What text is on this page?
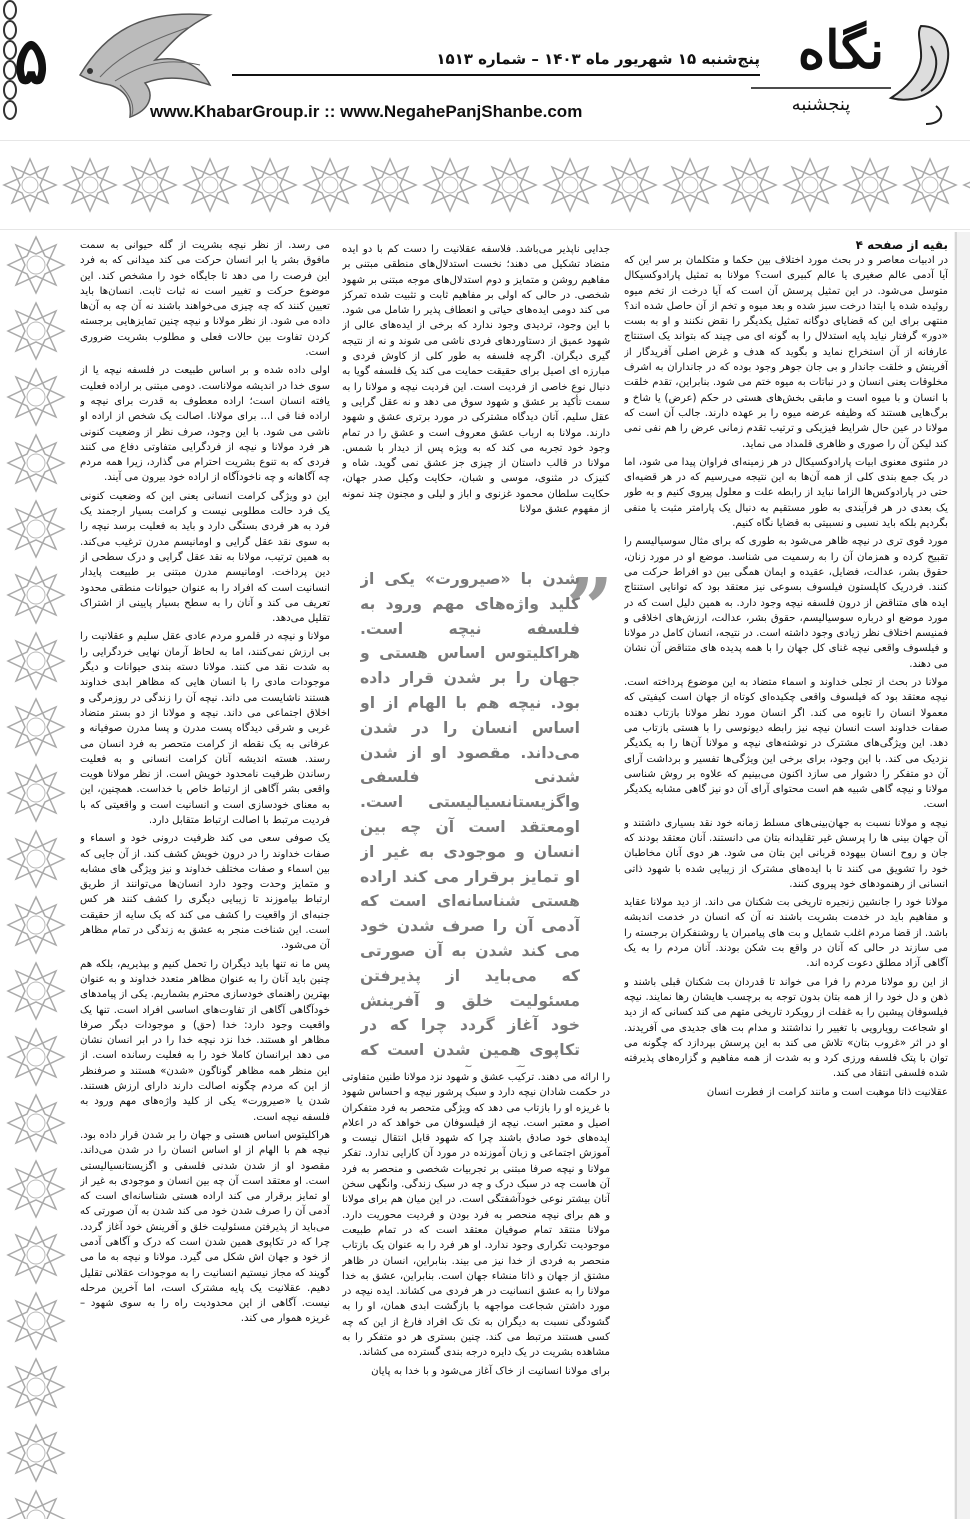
۵	پنج‌شنبه ۱۵ شهریور ماه ۱۴۰۳ – شماره ۱۵۱۳
www.KhabarGroup.ir :: www.NegahePanjShanbe.com
نگاه
پنجشنبه
بقیه از صفحه ۴

در ادبیات معاصر و در بحث مورد اختلاف بین حکما و متکلمان بر سر این که آیا آدمی عالم صغیری یا عالم کبیری است؟ مولانا به تمثیل پارادوکسیکال متوسل می‌شود. در این تمثیل پرسش آن است که آیا درخت از تخم میوه روئیده شده یا ابتدا درخت سبز شده و بعد میوه و تخم از آن حاصل شده اند؟ منتهی برای این که قضایای دوگانه تمثیل یکدیگر را نقض نکنند و او به بست «دور» گرفتار نیاید پایه استدلال را به گونه ای می چیند که بتواند یک استنتاج عارفانه از آن استخراج نماید و بگوید که هدف و غرض اصلی آفریدگار از آفرینش و خلقت جاندار و بی جان جوهر وجود بوده که در جانداران به اشرف مخلوقات یعنی انسان و در نباتات به میوه ختم می شود. بنابراین، تقدم خلقت با انسان و با میوه است و مابقی بخش‌های هستی در حکم (عرض) یا شاخ و برگ‌هایی هستند که وظیفه عرضه میوه را بر عهده دارند. جالب آن است که مولانا در عین حال شرایط فیزیکی و ترتیب تقدم زمانی عرض را هم نفی نمی کند لیکن آن را صوری و ظاهری قلمداد می نماید.

در مثنوی معنوی ابیات پارادوکسیکال در هر زمینه‌ای فراوان پیدا می شود، اما در یک جمع بندی کلی از همه آن‌ها به این نتیجه می‌رسیم که در هر قضیه‌ای حتی در پارادوکس‌ها الزاما نباید از رابطه علت و معلول پیروی کنیم و به طور یک بعدی در هر فرآیندی به طور مستقیم به دنبال یک پارامتر مثبت یا منفی بگردیم بلکه باید نسبی و نسبیتی به قضایا نگاه کنیم.

مورد قوی تری در نیچه ظاهر می‌شود به طوری که برای مثال سوسیالیسم را تقبیح کرده و همزمان آن را به رسمیت می شناسد. موضع او در مورد زنان، حقوق بشر، عدالت، فضایل، عقیده و ایمان همگی بین دو افراط حرکت می کنند. فردریک کاپلستون فیلسوف بسوعی نیز معتقد بود که توانایی استنتاج ایده های متناقض از درون فلسفه نیچه وجود دارد. به همین دلیل است که در مورد موضع او درباره سوسیالیسم، حقوق بشر، عدالت، ارزش‌های اخلاقی و فمنیسم اختلاف نظر زیادی وجود داشته است. در نتیجه، انسان کامل در مولانا و فیلسوف واقعی نیچه غنای کل جهان را با همه پدیده های متناقض آن نشان می دهند.

مولانا در بحث از تجلی خداوند و اسماء متضاد به این موضوع پرداخته است. نیچه معتقد بود که فیلسوف واقعی چکیده‌ای کوتاه از جهان است کیفیتی که معمولا انسان را تابوه می کند. اگر انسان مورد نظر مولانا بازتاب دهنده صفات خداوند است انسان نیچه نیز رابطه دیونوسی را با هستی بازتاب می دهد. این ویژگی‌های مشترک در نوشته‌های نیچه و مولانا آن‌ها را به یکدیگر نزدیک می کند. با این وجود، برای برخی این ویژگی‌ها تفسیر و برداشت آرای آن دو متفکر را دشوار می سازد اکنون می‌بینیم که علاوه بر روش شناسی مولانا و نیچه گاهی شبیه هم است محتوای آرای آن دو نیز گاهی مشابه یکدیگر است.

نیچه و مولانا نسبت به جهان‌بینی‌های مسلط زمانه خود نقد بسیاری داشتند و آن جهان بینی ها را پرسش غیر تقلیدانه بتان می دانستند. آنان معتقد بودند که جان و روح انسان بیهوده قربانی این بتان می شود. هر دوی آنان مخاطبان خود را تشویق می کنند تا با ایده‌های مشترک از زیبایی شده با شهود ذاتی انسانی از رهنمودهای خود پیروی کنند.

مولانا خود را جانشین زنجیره تاریخی بت شکنان می داند. از دید مولانا عقاید و مفاهیم باید در خدمت بشریت باشند نه آن که انسان در خدمت اندیشه باشد. از قضا مردم اغلب شمایل و بت های پیامبران یا روشنفکران برجسته را می سازند در حالی که آنان در واقع بت شکن بودند. آنان مردم را به یک آگاهی آزاد مطلق دعوت کرده اند.

از این رو مولانا مردم را فرا می خواند تا قدردان بت شکنان قبلی باشند و ذهن و دل خود را از همه بتان بدون توجه به برچسب هایشان رها نمایند. نیچه فیلسوفان پیشین را به غفلت از رویکرد تاریخی متهم می کند کسانی که از دید او شجاعت رویارویی با تغییر را نداشتند و مدام بت های جدیدی می آفریدند. او در اثر «غروب بتان» تلاش می کند به این پرسش بپردازد که چگونه می توان با پتک فلسفه ورزی کرد و به شدت از همه مفاهیم و گزاره‌های پذیرفته شده فلسفی انتقاد می کند.

عقلانیت ذاتا موهبت است و مانند کرامت از فطرت انسان

جدایی ناپذیر می‌باشد. فلاسفه عقلانیت را دست کم با دو ایده متضاد تشکیل می دهند؛ نخست استدلال‌های منطقی مبتنی بر مفاهیم روشن و متمایز و دوم استدلال‌های موجه مبتنی بر شهود شخصی. در حالی که اولی بر مفاهیم ثابت و تثبیت شده تمرکز می کند دومی ایده‌های حیاتی و انعطاف پذیر را شامل می شود. با این وجود، تردیدی وجود ندارد که برخی از ایده‌های عالی از شهود عمیق از دستاوردهای فردی ناشی می شوند و نه از نتیجه گیری دیگران. اگرچه فلسفه به طور کلی از کاوش فردی و مبارزه ای اصیل برای حقیقت حمایت می کند یک فلسفه گویا به دنبال نوع خاصی از فردیت است. این فردیت نیچه و مولانا را به سمت تأکید بر عشق و شهود سوق می دهد و نه عقل گرایی و عقل سلیم. آنان دیدگاه مشترکی در مورد برتری عشق و شهود دارند. مولانا به ارباب عشق معروف است و عشق را در تمام وجود خود تجربه می کند که به ویژه پس از دیدار با شمس. مولانا در قالب داستان از چیزی جز عشق نمی گوید. شاه و کنیزک در مثنوی، موسی و شبان، حکایت وکیل صدر جهان، حکایت سلطان محمود غزنوی و اباز و لیلی و مجنون چند نمونه از مفهوم عشق مولانا

”
شدن با «صیرورت» یکی از کلید واژه‌های مهم ورود به فلسفه نیچه است. هراکلیتوس اساس هستی و جهان را بر شدن قرار داده بود. نیچه هم با الهام از او اساس انسان را در شدن می‌داند. مقصود او از شدن شدنی فلسفی واگزیستانسیالیستی است. اومعتقد است آن چه بین انسان و موجودی به غیر از او تمایز برقرار می کند اراده هستی شناسانه‌ای است که آدمی آن را صرف شدن خود می کند شدن به آن صورتی که می‌باید از پذیرفتن مسئولیت خلق و آفرینش خود آغاز گردد چرا که در تکاپوی همین شدن است که

را ارائه می دهند. ترکیب عشق و شهود نزد مولانا طنین متفاوتی در حکمت شادان نیچه دارد و سبک پرشور نیچه و احساس شهود با غریزه او را بازتاب می دهد که ویژگی متحصر به فرد متفکران اصیل و معتبر است. نیچه از فیلسوفان می خواهد که در اعلام ایده‌های خود صادق باشند چرا که شهود قابل انتقال نیست و آموزش اجتماعی و زبان آموزنده در مورد آن کارایی ندارد. تفکر مولانا و نیچه صرفا مبتنی بر تجربیات شخصی و منحصر به فرد آن هاست چه در سبک درک و چه در سبک زندگی. وانگهی سخن آنان بیشتر نوعی خودآشفتگی است. در این میان هم برای مولانا و هم برای نیچه منحصر به فرد بودن و فردیت محوریت دارد. مولانا منتقد تمام صوفیان معتقد است که در تمام طبیعت موجودیت تکراری وجود ندارد. او هر فرد را به عنوان یک بازتاب منحصر به فردی از خدا نیز می بیند. بنابراین، انسان در ظاهر مشتق از جهان و ذاتا منشاء جهان است. بنابراین، عشق به خدا مولانا را به عشق انسانیت در هر فردی می کشاند. ایده نیچه در مورد داشتن شجاعت مواجهه با بازگشت ابدی همان، او را به گشودگی نسبت به دیگران به تک تک افراد فارغ از این که چه کسی هستند مرتبط می کند. چنین بستری هر دو متفکر را به مشاهده بشریت در یک دایره درجه بندی گسترده می کشاند.

برای مولانا انسانیت از خاک آغاز می‌شود و با خدا به پایان

می رسد. از نظر نیچه بشریت از گله حیوانی به سمت مافوق بشر یا ابر انسان حرکت می کند میدانی که به فرد این فرصت را می دهد تا جایگاه خود را مشخص کند. این موضوع حرکت و تغییر است نه ثبات ثابت. انسان‌ها باید تعیین کنند که چه چیزی می‌خواهند باشند نه آن چه به آن‌ها داده می شود. از نظر مولانا و نیچه چنین تمایزهایی برجسته کردن تفاوت بین حالات فعلی و مطلوب بشریت ضروری است.

اولی داده شده و بر اساس طبیعت در فلسفه نیچه یا از سوی خدا در اندیشه مولاناست. دومی مبتنی بر اراده فعلیت یافته انسان است؛ اراده معطوف به قدرت برای نیچه و اراده فنا فی ا... برای مولانا. اصالت یک شخص از اراده او ناشی می شود. با این وجود، صرف نظر از وضعیت کنونی هر فرد مولانا و نیچه از فردگرایی متفاوتی دفاع می کنند فردی که به تنوع بشریت احترام می گذارد، زیرا همه مردم چه آگاهانه و چه ناخودآگاه از اراده خود بیرون می آیند.

این دو ویژگی کرامت انسانی یعنی این که وضعیت کنونی یک فرد حالت مطلوبی نیست و کرامت بسیار ارجمند یک فرد به هر فردی بستگی دارد و باید به فعلیت برسد نیچه را به سوی نقد عقل گرایی و اومانیسم مدرن ترغیب می‌کند. به همین ترتیب، مولانا به نقد عقل گرایی و درک سطحی از دین پرداخت. اومانیسم مدرن مبتنی بر طبیعت پایدار انسانیت است که افراد را به عنوان حیوانات منطقی محدود تعریف می کند و آنان را به سطح بسیار پایینی از اشتراک تقلیل می‌دهد.

مولانا و نیچه در قلمرو مردم عادی عقل سلیم و عقلانیت را بی ارزش نمی‌کنند، اما به لحاظ آرمان نهایی خردگرایی را به شدت نقد می کنند. مولانا دسته بندی حیوانات و دیگر موجودات مادی را با انسان هایی که مظاهر ابدی خداوند هستند ناشایست می داند. نیچه آن را زندگی در روزمرگی و اخلاق اجتماعی می داند. نیچه و مولانا از دو بستر متضاد غربی و شرقی دیدگاه پست مدرن و پسا مدرن صوفیانه و عرفانی به یک نقطه از کرامت متحصر به فرد انسان می رسند. هسته اندیشه آنان کرامت انسانی و به فعلیت رساندن ظرفیت نامحدود خویش است. از نظر مولانا هویت واقعی بشر آگاهی از ارتباط خاص با خداست. همچنین، این به معنای خودسازی است و انسانیت است و واقعیتی که با فردیت مرتبط با اصالت ارتباط متقابل دارد.

یک صوفی سعی می کند ظرفیت درونی خود و اسماء و صفات خداوند را در درون خویش کشف کند. از آن جایی که بین اسماء و صفات مختلف خداوند و نیز ویژگی های مشابه و متمایز وحدت وجود دارد انسان‌ها می‌توانند از طریق ارتباط بیاموزند تا زیبایی دیگری را کشف کنند هر کس جنبه‌ای از واقعیت را کشف می کند که یک سایه از حقیقت است. این شناخت منجر به عشق به زندگی در تمام مظاهر آن می‌شود.

پس ما نه تنها باید دیگران را تحمل کنیم و بپذیریم، بلکه هم چنین باید آنان را به عنوان مظاهر متعدد خداوند و به عنوان بهترین راهنمای خودسازی محترم بشماریم. یکی از پیامدهای خودآگاهی آگاهی از تفاوت‌های اساسی افراد است. تنها یک واقعیت وجود دارد: خدا (حق) و موجودات دیگر صرفا مظاهر او هستند. خدا نزد نیچه خدا را در ابر انسان نشان می دهد ابرانسان کاملا خود را به فعلیت رسانده است. از این منظر همه مظاهر گوناگون «شدن» هستند و صرفنظر از این که مردم چگونه اصالت دارند دارای ارزش هستند. شدن یا «صیرورت» یکی از کلید واژه‌های مهم ورود به فلسفه نیچه است.

هراکلیتوس اساس هستی و جهان را بر شدن قرار داده بود. نیچه هم با الهام از او اساس انسان را در شدن می‌داند. مقصود او از شدن شدنی فلسفی و اگزیستانسیالیستی است. او معتقد است آن چه بین انسان و موجودی به غیر از او تمایز برقرار می کند اراده هستی شناسانه‌ای است که آدمی آن را صرف شدن خود می کند شدن به آن صورتی که می‌باید از پذیرفتن مسئولیت خلق و آفرینش خود آغاز گردد. چرا که در تکاپوی همین شدن است که درک و آگاهی آدمی از خود و جهان اش شکل می گیرد. مولانا و نیچه به ما می گویند که مجاز نیستیم انسانیت را به موجودات عقلانی تقلیل دهیم. عقلانیت یک پایه مشترک است، اما آخرین مرحله نیست. آگاهی از این محدودیت راه را به سوی شهود – غریزه هموار می کند.
